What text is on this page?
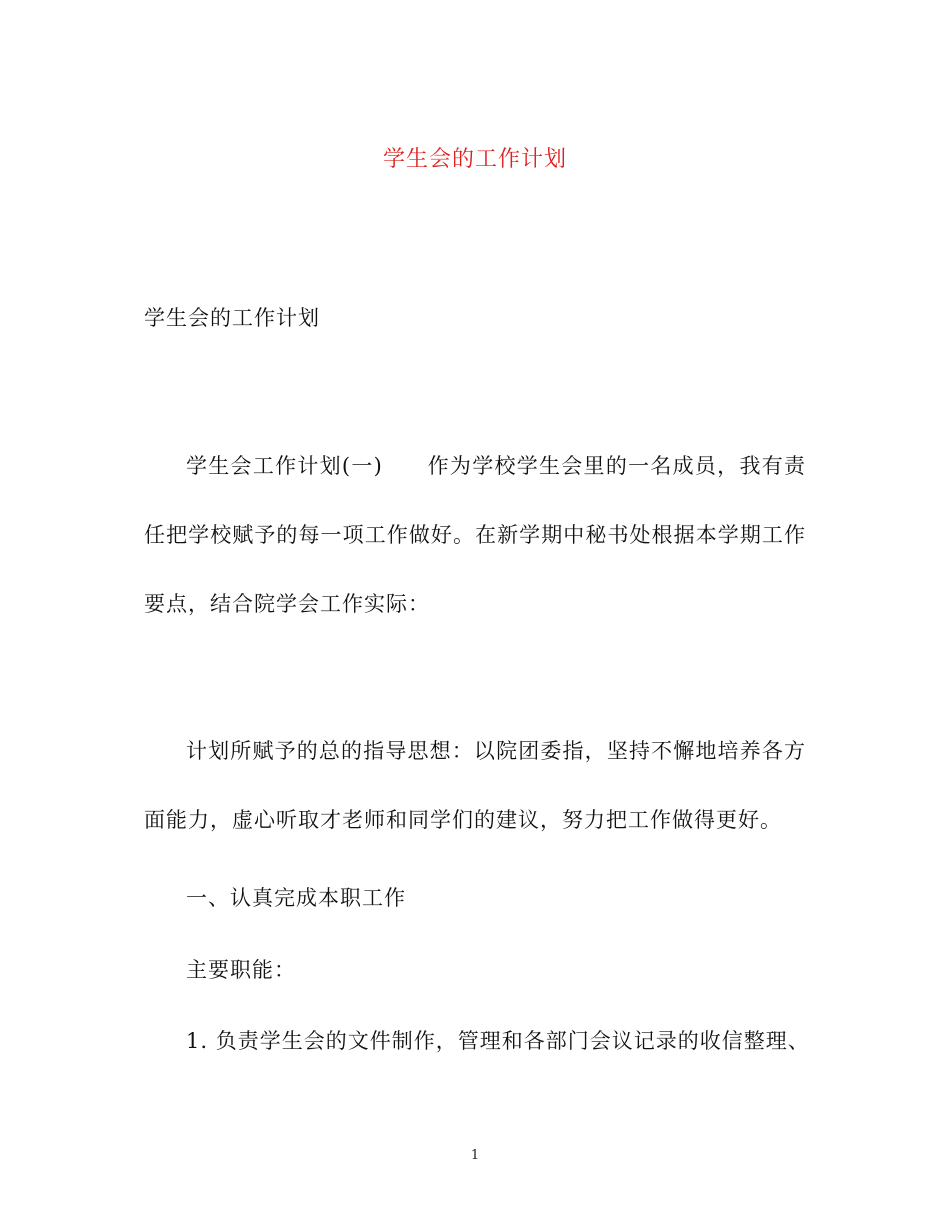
学生会的工作计划
学生会的工作计划
学生会工作计划(一)　　作为学校学生会里的一名成员，我有责任把学校赋予的每一项工作做好。在新学期中秘书处根据本学期工作要点，结合院学会工作实际：
计划所赋予的总的指导思想：以院团委指，坚持不懈地培养各方面能力，虚心听取才老师和同学们的建议，努力把工作做得更好。
一、认真完成本职工作
主要职能：
1. 负责学生会的文件制作，管理和各部门会议记录的收信整理、
1
